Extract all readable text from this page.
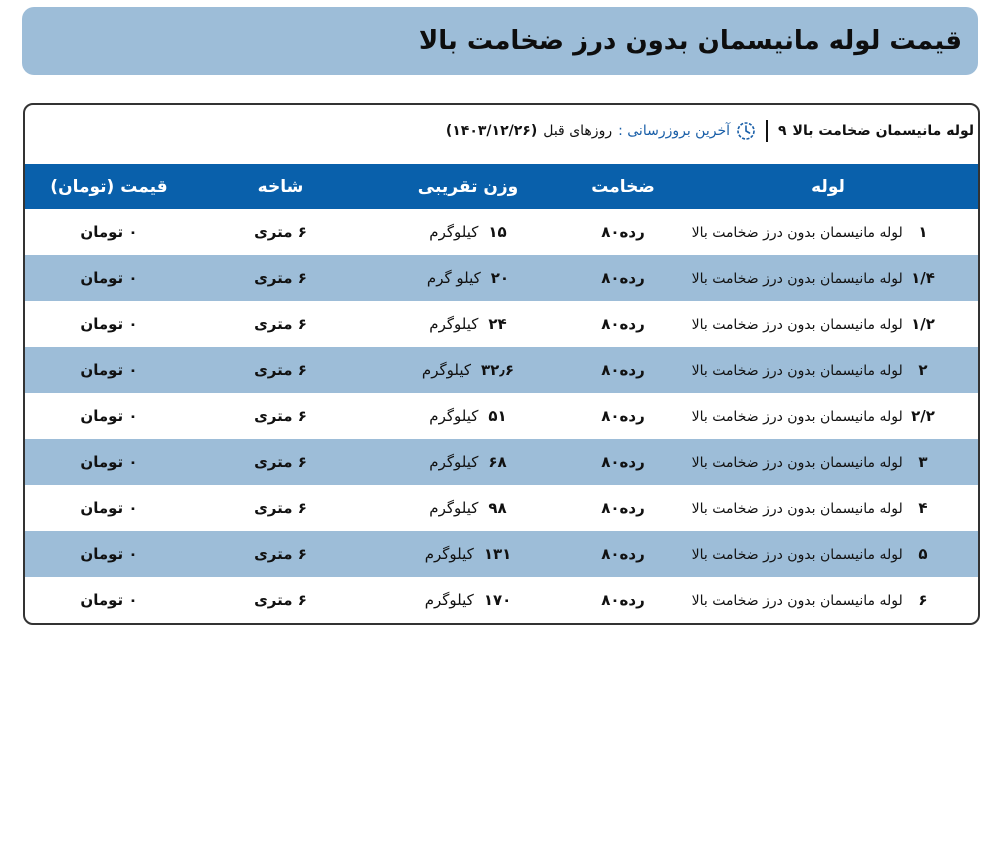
قیمت لوله مانیسمان بدون درز ضخامت بالا
لوله مانیسمان ضخامت بالا
۹
آخرین بروزرسانی :
روزهای قبل
(۱۴۰۳/۱۲/۲۶)
لوله
ضخامت
وزن تقریبی
شاخه
قیمت (تومان)
۱ لوله مانیسمان بدون درز ضخامت بالا
رده۸۰
۱۵کیلوگرم
۶ متری
۰ تومان
۱/۴ لوله مانیسمان بدون درز ضخامت بالا
رده۸۰
۲۰کیلو گرم
۶ متری
۰ تومان
۱/۲ لوله مانیسمان بدون درز ضخامت بالا
رده۸۰
۲۴کیلوگرم
۶ متری
۰ تومان
۲ لوله مانیسمان بدون درز ضخامت بالا
رده۸۰
۳۲٫۶کیلوگرم
۶ متری
۰ تومان
۲/۲ لوله مانیسمان بدون درز ضخامت بالا
رده۸۰
۵۱کیلوگرم
۶ متری
۰ تومان
۳ لوله مانیسمان بدون درز ضخامت بالا
رده۸۰
۶۸کیلوگرم
۶ متری
۰ تومان
۴ لوله مانیسمان بدون درز ضخامت بالا
رده۸۰
۹۸کیلوگرم
۶ متری
۰ تومان
۵ لوله مانیسمان بدون درز ضخامت بالا
رده۸۰
۱۳۱کیلوگرم
۶ متری
۰ تومان
۶ لوله مانیسمان بدون درز ضخامت بالا
رده۸۰
۱۷۰کیلوگرم
۶ متری
۰ تومان
